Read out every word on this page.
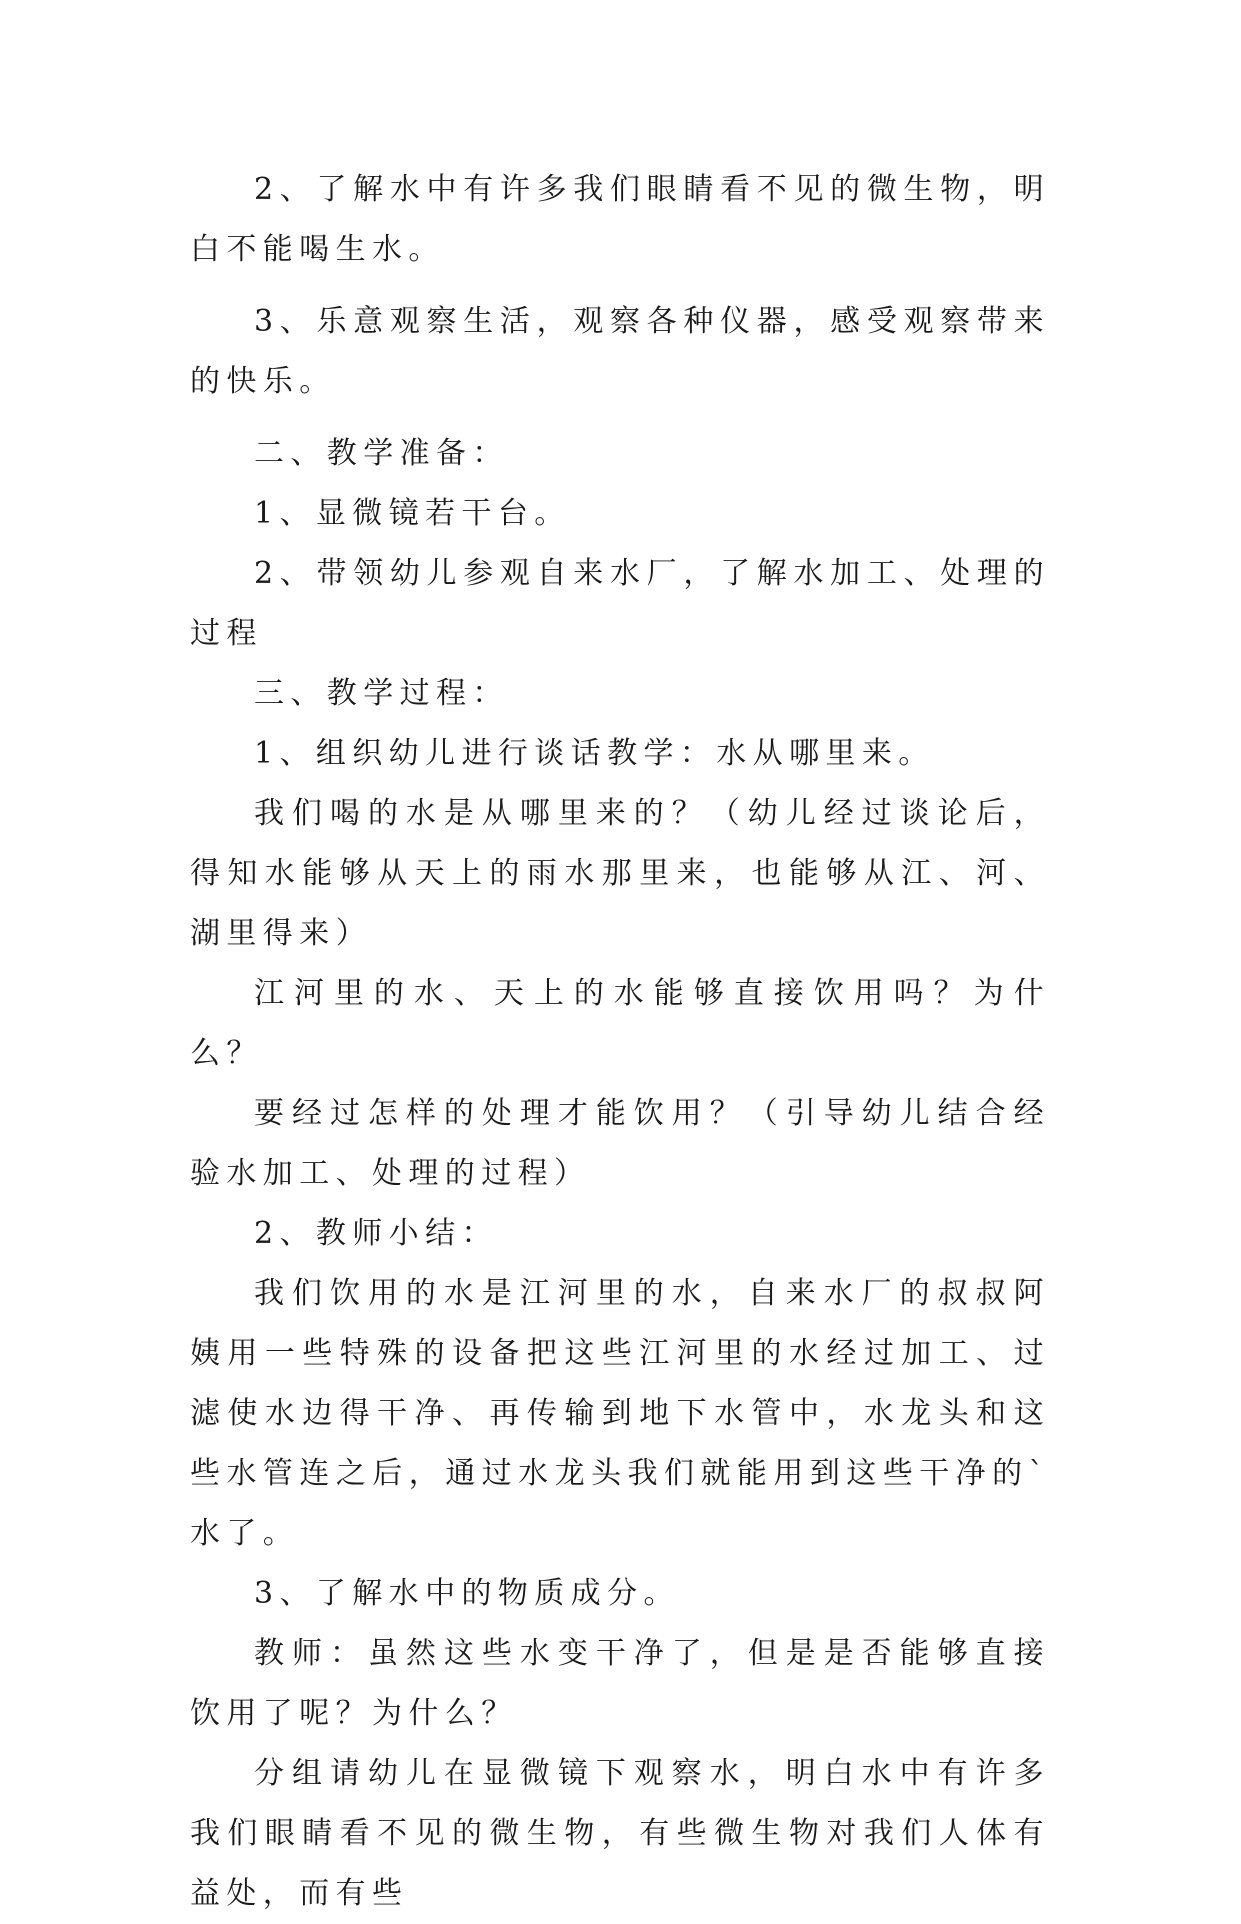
2、了解水中有许多我们眼睛看不见的微生物，明白不能喝生水。

3、乐意观察生活，观察各种仪器，感受观察带来的快乐。

二、教学准备：

1、显微镜若干台。

2、带领幼儿参观自来水厂，了解水加工、处理的过程

三、教学过程：

1、组织幼儿进行谈话教学：水从哪里来。

我们喝的水是从哪里来的？（幼儿经过谈论后，得知水能够从天上的雨水那里来，也能够从江、河、湖里得来）

江河里的水、天上的水能够直接饮用吗？为什么？

要经过怎样的处理才能饮用？（引导幼儿结合经验水加工、处理的过程）

2、教师小结：

我们饮用的水是江河里的水，自来水厂的叔叔阿姨用一些特殊的设备把这些江河里的水经过加工、过滤使水边得干净、再传输到地下水管中，水龙头和这些水管连之后，通过水龙头我们就能用到这些干净的`水了。

3、了解水中的物质成分。

教师：虽然这些水变干净了，但是是否能够直接饮用了呢？为什么？

分组请幼儿在显微镜下观察水，明白水中有许多我们眼睛看不见的微生物，有些微生物对我们人体有益处，而有些
